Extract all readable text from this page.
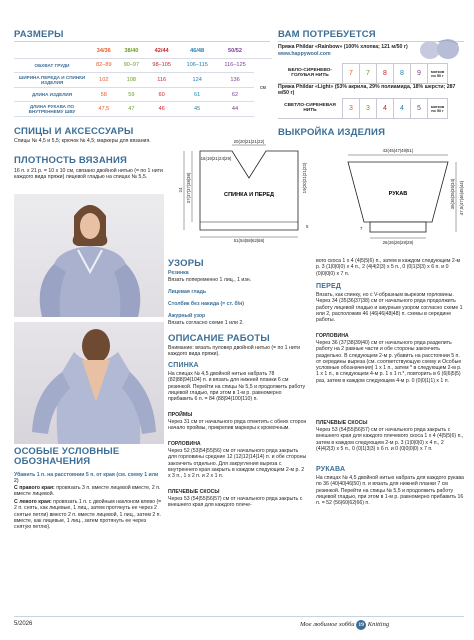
РАЗМЕРЫ
	34/36	38/40	42/44	46/48	50/52	
ОБХВАТ ГРУДИ	82–89	90–97	98–105	106–115	116–125	см
ШИРИНА ПЕРЕДА И СПИНКИ ИЗДЕЛИЯ	102	108	116	124	136	
ДЛИНА ИЗДЕЛИЯ	58	59	60	61	62	
ДЛИНА РУКАВА ПО ВНУТРЕННЕМУ ШВУ	47,5	47	46	45	44	
СПИЦЫ И АКСЕССУАРЫ
Спицы № 4,5 и 5,5; крючок № 4,5; маркеры для вязания.
ПЛОТНОСТЬ ВЯЗАНИЯ
16 п. х 21 р. = 10 х 10 см, связано двойной нитью (= по 1 нити каждого вида пряжи) лицевой гладью на спицах № 5,5.
ОСОБЫЕ УСЛОВНЫЕ ОБОЗНАЧЕНИЯ
Убавить 1 п. на расстоянии 5 п. от края (см. схему 1 или 2)
С правого края: провязать 3 п. вместе лицевой вместе, 2 п. вместе лицевой.
С левого края: провязать 1 п. с двойным наклоном влево (= 2 п. снять, как лицевые, 1 лиц., затем протянуть ее через 2 снятые петли) вместо 2 п. вместе лицевой, 1 лиц., затем 2 п. вместе, как лицевые, 1 лиц., затем протянуть ее через снятую петлю).
ВАМ ПОТРЕБУЕТСЯ
Пряжа Phildar «Rainbow» (100% хлопка; 121 м/50 г)
www.happywool.com
БЕЛО-СИРЕНЕВО-ГОЛУБАЯ НИТЬ	7	7	8	8	9	мотков по 50 г
Пряжа Phildar «Light» (53% акрила, 29% полиамида, 18% шерсти; 287 м/50 г)
СВЕТЛО-СИРЕНЕВАЯ НИТЬ	3	3	4	4	5	мотков по 50 г
ВЫКРОЙКА ИЗДЕЛИЯ
20(20|21|21|22)
51(54|58|62|68)
16(19|21|24|29)
37(37|37|38|38)
24	19(20|21|21|22)
5
СПИНКА И ПЕРЕД
43(45|47|49|51)
26(26|26|28|28)
36(36|35|35|34) 47,5(47|46|45|44)
7
РУКАВ
УЗОРЫ
Резинка
Вязать попеременно 1 лиц., 1 изн.
Лицевая гладь
Столбик без накида (= ст. б/н)
Ажурный узор
Вязать согласно схеме 1 или 2.
ОПИСАНИЕ РАБОТЫ
Внимание: вязать пуловер двойной нитью (= по 1 нити каждого вида пряжи).
СПИНКА
На спицах № 4,5 двойной нитью набрать 78 (82|88|94|104) п. и вязать для нижней планки 6 см резинкой. Перейти на спицы № 5,5 и продолжить работу лицевой гладью, при этом в 1-м р. равномерно прибавить 6 п. = 84 (88|94|100|110) п.
ПРОЙМЫ
Через 31 см от начального ряда отметить с обеих сторон начало проймы, прикрепив маркеры к кромочным.
ГОРЛОВИНА
Через 52 (53|54|55|56) см от начального ряда закрыть для горловины средние 12 (12|12|14|14) п. и обе стороны закончить отдельно. Для закругления выреза с внутреннего края закрыть в каждом следующем 2-м р. 2 х 3 п., 1 х 2 п. и 2 х 1 п.
ПЛЕЧЕВЫЕ СКОСЫ
Через 53 (54|55|56|57) см от начального ряда закрыть с внешнего края для каждого плече-
вого скоса 1 х 4 (4|5|5|6) п., затем в каждом следующем 2-м р. 3 (1|0|0|0) х 4 п., 2 (4|4|2|3) х 5 п., 0 (0|1|3|3) х 6 п. и 0 (0|0|0|0) х 7 п.
ПЕРЕД
Вязать, как спинку, но с V-образным вырезом горловины. Через 34 (35|36|37|38) см от начального ряда продолжить работу лицевой гладью и ажурным узором согласно схеме 1 или 2, расположив 46 (46|46|48|48) п. схемы в середине работы.
ГОРЛОВИНА
Через 36 (37|38|39|40) см от начального ряда разделить работу на 2 равные части и обе стороны закончить раздельно. В следующем 2-м р. убавить на расстоянии 5 п. от середины выреза (см. соответствующую схему и Особые условные обозначения) 1 х 1 п., затем * в следующем 2-м р. 1 х 1 п., в следующем 4-м р. 1 х 1 п.*, повторить в 6 (6|6|5|5) раз, затем в каждом следующем 4-м р. 0 (0|0|1|1) х 1 п.
ПЛЕЧЕВЫЕ СКОСЫ
Через 53 (54|55|56|57) см от начального ряда закрыть с внешнего края для каждого плечевого скоса 1 х 4 (4|5|5|6) п., затем в каждом следующем 2-м р. 3 (1|0|0|0) х 4 п., 2 (4|4|2|3) х 5 п., 0 (0|1|3|3) х 6 п. и 0 (0|0|0|0) х 7 п.
РУКАВА
На спицах № 4,5 двойной нитью набрать для каждого рукава по 36 (40|40|46|50) п. и вязать для нижней планки 7 см резинкой. Перейти на спицы № 5,5 и продолжить работу лицевой гладью, при этом в 1-м р. равномерно прибавить 16 п. = 52 (56|60|62|66) п.
5/2026	Мое любимое хобби 19 Knitting
